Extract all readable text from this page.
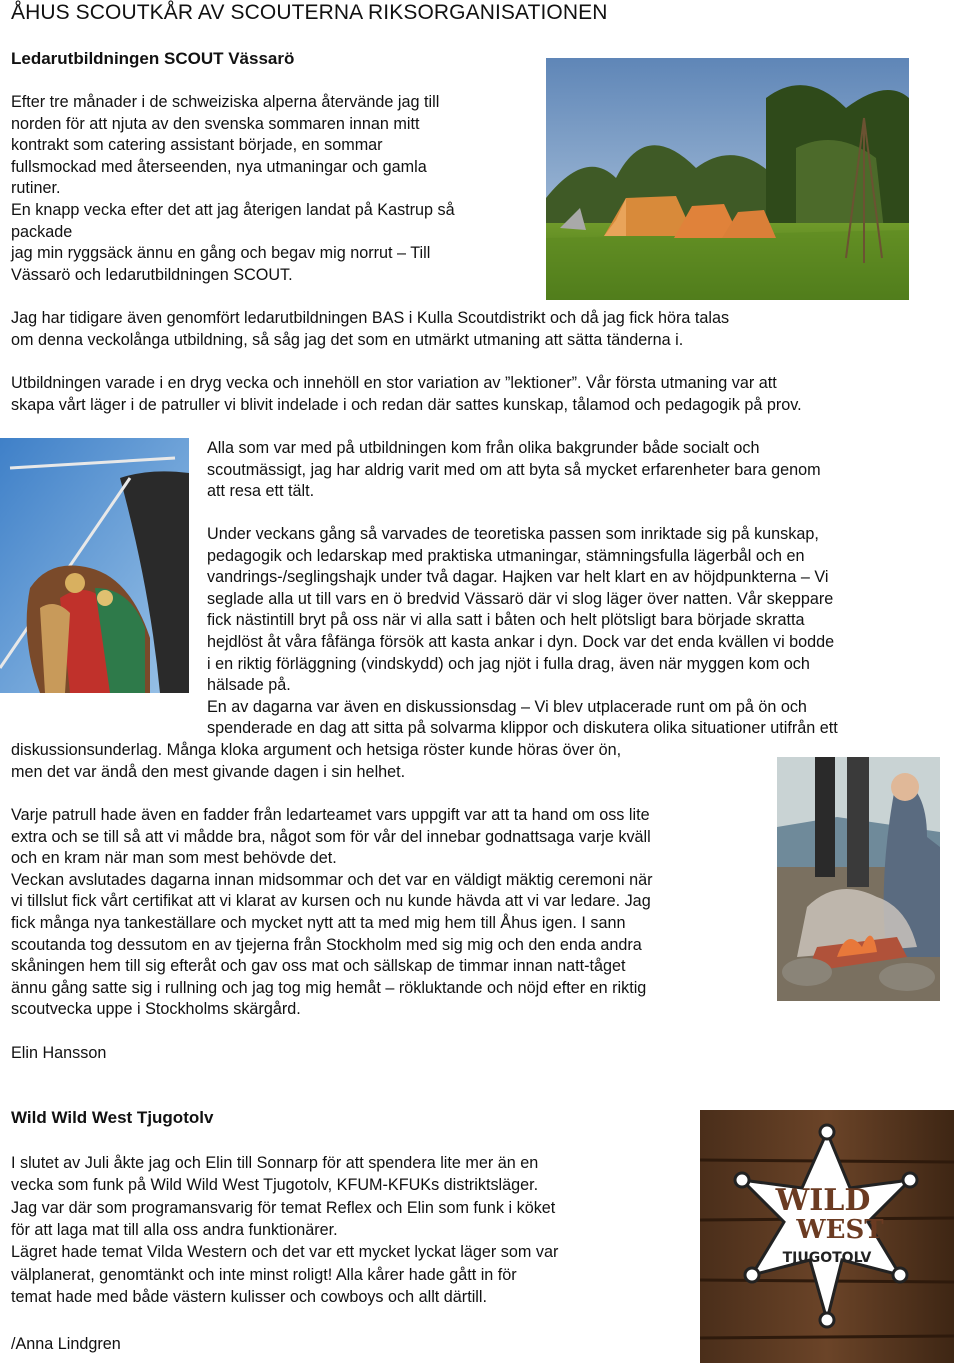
ÅHUS SCOUTKÅR AV SCOUTERNA RIKSORGANISATIONEN
Ledarutbildningen SCOUT Vässarö
Efter tre månader i de schweiziska alperna återvände jag till
norden för att njuta av den svenska sommaren innan mitt
kontrakt som catering assistant började, en sommar
fullsmockad med återseenden, nya utmaningar och gamla
rutiner.
En knapp vecka efter det att jag återigen landat på Kastrup så
packade
jag min ryggsäck ännu en gång och begav mig norrut – Till
Vässarö och ledarutbildningen SCOUT.
Jag har tidigare även genomfört ledarutbildningen BAS i Kulla Scoutdistrikt och då jag fick höra talas
om denna veckolånga utbildning, så såg jag det som en utmärkt utmaning att sätta tänderna i.
Utbildningen varade i en dryg vecka och innehöll en stor variation av ”lektioner”. Vår första utmaning var att
skapa vårt läger i de patruller vi blivit indelade i och redan där sattes kunskap, tålamod och pedagogik på prov.
Alla som var med på utbildningen kom från olika bakgrunder både socialt och
scoutmässigt, jag har aldrig varit med om att byta så mycket erfarenheter bara genom
att resa ett tält.
Under veckans gång så varvades de teoretiska passen som inriktade sig på kunskap,
pedagogik och ledarskap med praktiska utmaningar, stämningsfulla lägerbål och en
vandrings-/seglingshajk under två dagar. Hajken var helt klart en av höjdpunkterna – Vi
seglade alla ut till vars en ö bredvid Vässarö där vi slog läger över natten. Vår skeppare
fick nästintill bryt på oss när vi alla satt i båten och helt plötsligt bara började skratta
hejdlöst åt våra fåfänga försök att kasta ankar i dyn. Dock var det enda kvällen vi bodde
i en riktig förläggning (vindskydd) och jag njöt i fulla drag, även när myggen kom och
hälsade på.
En av dagarna var även en diskussionsdag – Vi blev utplacerade runt om på ön och
spenderade en dag att sitta på solvarma klippor och diskutera olika situationer utifrån ett
diskussionsunderlag. Många kloka argument och hetsiga röster kunde höras över ön,
men det var ändå den mest givande dagen i sin helhet.
Varje patrull hade även en fadder från ledarteamet vars uppgift var att ta hand om oss lite
extra och se till så att vi mådde bra, något som för vår del innebar godnattsaga varje kväll
och en kram när man som mest behövde det.
Veckan avslutades dagarna innan midsommar och det var en väldigt mäktig ceremoni när
vi tillslut fick vårt certifikat att vi klarat av kursen och nu kunde hävda att vi var ledare. Jag
fick många nya tankeställare och mycket nytt att ta med mig hem till Åhus igen. I sann
scoutanda tog dessutom en av tjejerna från Stockholm med sig mig och den enda andra
skåningen hem till sig efteråt och gav oss mat och sällskap de timmar innan natt-tåget
ännu gång satte sig i rullning och jag tog mig hemåt – rökluktande och nöjd efter en riktig
scoutvecka uppe i Stockholms skärgård.
Elin Hansson
Wild Wild West Tjugotolv
I slutet av Juli åkte jag och Elin till Sonnarp för att spendera lite mer än en
vecka som funk på Wild Wild West Tjugotolv, KFUM-KFUKs distriktsläger.
Jag var där som programansvarig för temat Reflex och Elin som funk i köket
för att laga mat till alla oss andra funktionärer.
Lägret hade temat Vilda Western och det var ett mycket lyckat läger som var
välplanerat, genomtänkt och inte minst roligt! Alla kårer hade gått in för
temat hade med både västern kulisser och cowboys och allt därtill.
/Anna Lindgren
WILD
WEST
TJUGOTOLV
